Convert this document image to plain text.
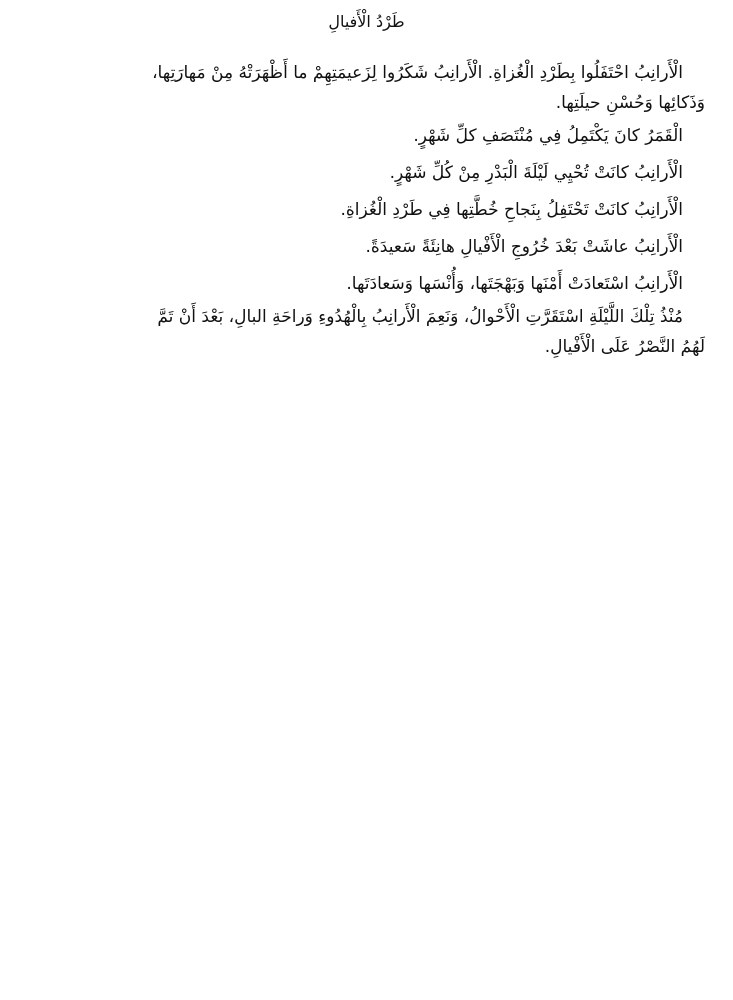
طَرْدُ الْأَفيالِ

الْأَرانِبُ احْتَفَلُوا بِطَرْدِ الْغُزاةِ. الْأَرانِبُ شَكَرُوا لِزَعيمَتِهِمْ ما أَظْهَرَتْهُ مِنْ مَهارَتِها،

وَذَكائِها وَحُسْنِ حيلَتِها.

الْقَمَرُ كانَ يَكْتَمِلُ فِي مُنْتَصَفِ كلِّ شَهْرٍ.

الْأَرانِبُ كانَتْ تُحْيِي لَيْلَةَ الْبَدْرِ مِنْ كُلِّ شَهْرٍ.

الْأَرانِبُ كانَتْ تَحْتَفِلُ بِنَجاحِ خُطَّتِها فِي طَرْدِ الْغُزاةِ.

الْأَرانِبُ عاشَتْ بَعْدَ خُرُوجِ الْأَفْيالِ هانِئَةً سَعيدَةً.

الْأَرانِبُ اسْتَعادَتْ أَمْنَها وَبَهْجَتَها، وَأُنْسَها وَسَعادَتَها.

مُنْذُ تِلْكَ اللَّيْلَةِ اسْتَقَرَّتِ الْأَحْوالُ، وَنَعِمَ الْأَرانِبُ بِالْهُدُوءِ وَراحَةِ البالِ، بَعْدَ أَنْ تَمَّ

لَهُمُ النَّصْرُ عَلَى الْأَفْيالِ.
